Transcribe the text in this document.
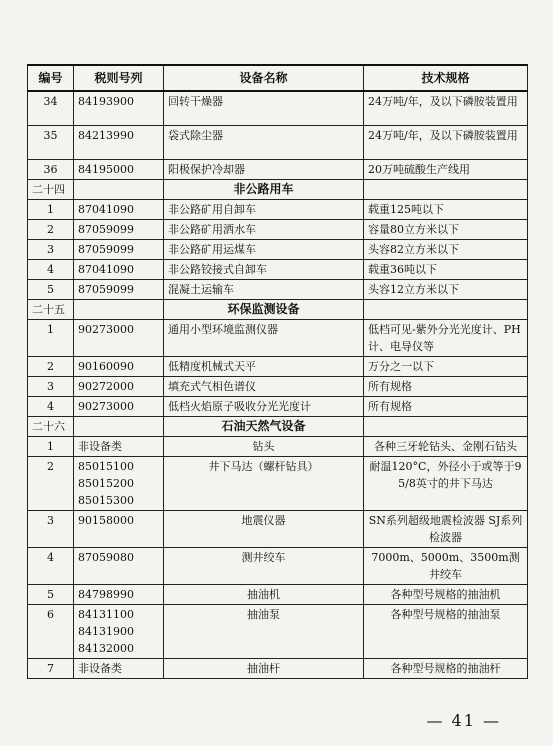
编号	税则号列	设备名称	技术规格
34	84193900	回转干燥器	24万吨/年，及以下磷胺装置用
35	84213990	袋式除尘器	24万吨/年，及以下磷胺装置用
36	84195000	阳极保护冷却器	20万吨硫酸生产线用
二十四		非公路用车	
1	87041090	非公路矿用自卸车	载重125吨以下
2	87059099	非公路矿用洒水车	容量80立方米以下
3	87059099	非公路矿用运煤车	头容82立方米以下
4	87041090	非公路铰接式自卸车	载重36吨以下
5	87059099	混凝土运输车	头容12立方米以下
二十五		环保监测设备	
1	90273000	通用小型环境监测仪器	低档可见-紫外分光光度计、PH计、电导仪等
2	90160090	低精度机械式天平	万分之一以下
3	90272000	填充式气相色谱仪	所有规格
4	90273000	低档火焰原子吸收分光光度计	所有规格
二十六		石油天然气设备	
1	非设备类	钻头	各种三牙轮钻头、金刚石钻头
2	85015100
85015200
85015300	井下马达（螺杆钻具）	耐温120°C，外径小于或等于9 5/8英寸的井下马达
3	90158000	地震仪器	SN系列超级地震检波器 SJ系列检波器
4	87059080	测井绞车	7000m、5000m、3500m测井绞车
5	84798990	抽油机	各种型号规格的抽油机
6	84131100
84131900
84132000	抽油泵	各种型号规格的抽油泵
7	非设备类	抽油杆	各种型号规格的抽油杆
— 41 —
